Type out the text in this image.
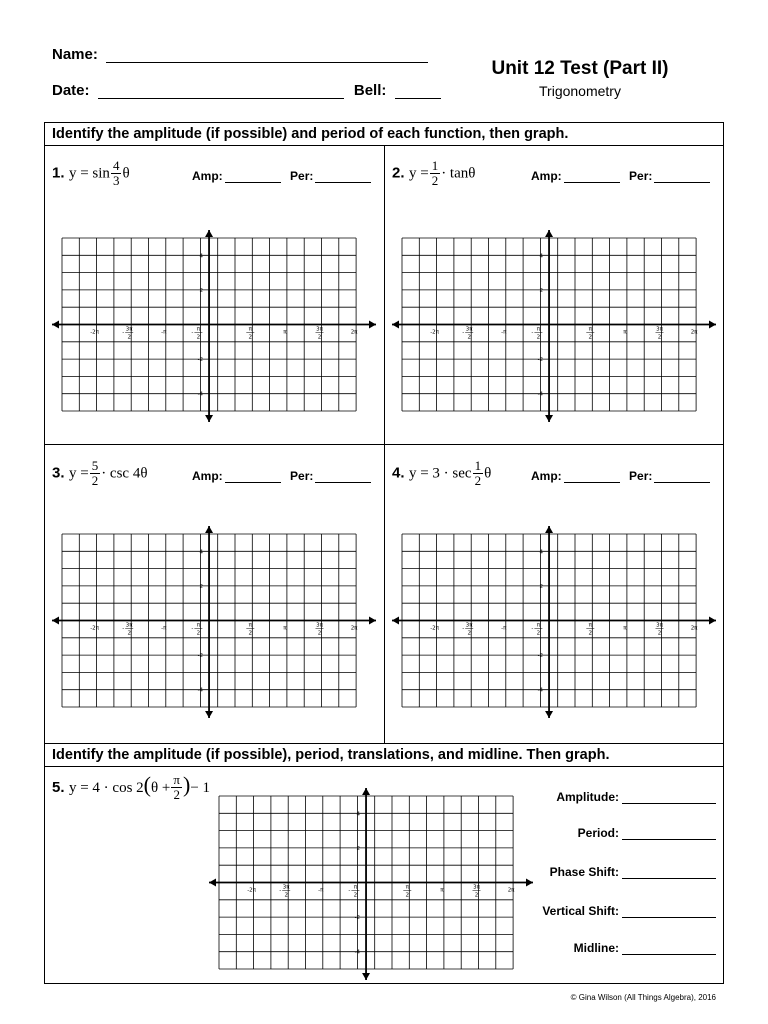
Name:
Date:	Bell:
Unit 12 Test (Part II)
Trigonometry
Identify the amplitude (if possible) and period of each function, then graph.
Identify the amplitude (if possible), period, translations, and midline. Then graph.
1. $y = \sin \frac{4}{3}$ θ	Amp:	Per:	2. $y = \frac{1}{2} \cdot \tan\theta$	Amp:	Per:
3. $y = \frac{5}{2} \cdot \csc 4\theta$	Amp:	Per:	4. $y = 3 \cdot \sec \frac{1}{2}$ θ	Amp:	Per:
5. $y = 4 \cdot \cos 2(\theta + \frac{\pi}{2}$ )− 1
Amplitude:
Period:
Phase Shift:
Vertical Shift:
Midline:
-2π	3π
-
2
-π	π
-
2
π
2
π	3π
2
2π
4
2
-2
-4
-2π	3π
-
2
-π	π
-
2
π
2
π	3π
2
2π
4
2
-2
-4
-2π	3π
-
2
-π	π
-
2
π
2
π	3π
2
2π
4
2
-2
-4
-2π	3π
-
2
-π	π
-
2
π
2
π	3π
2
2π
4
2
-2
-4
-2π	3π
-
2
-π	π
-
2
π
2
π	3π
2
2π
4
2
-2
-4
© Gina Wilson (All Things Algebra), 2016
